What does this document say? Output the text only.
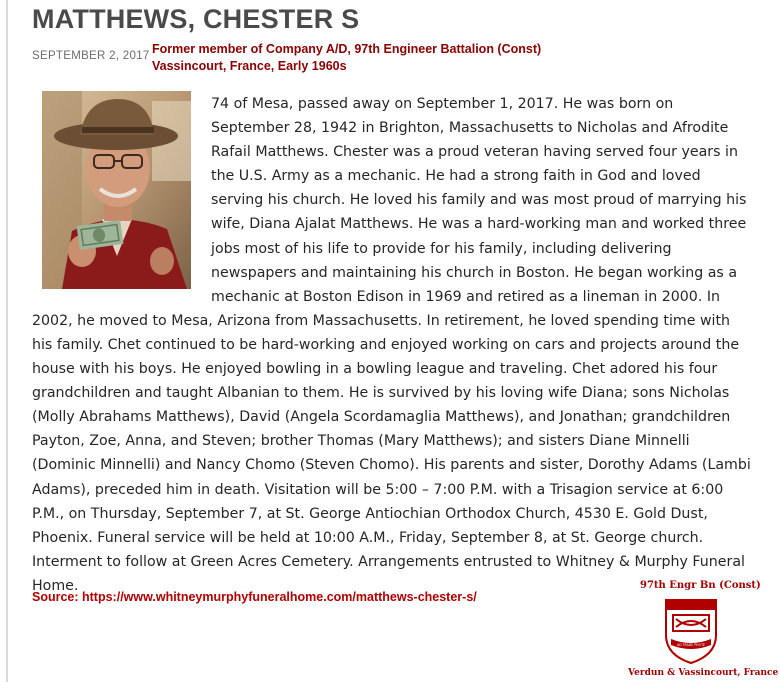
MATTHEWS, CHESTER S
SEPTEMBER 2, 2017 Former member of Company A/D, 97th Engineer Battalion (Const)
Vassincourt, France, Early 1960s

74 of Mesa, passed away on September 1, 2017. He was born on September 28, 1942 in Brighton, Massachusetts to Nicholas and Afrodite Rafail Matthews. Chester was a proud veteran having served four years in the U.S. Army as a mechanic. He had a strong faith in God and loved serving his church. He loved his family and was most proud of marrying his wife, Diana Ajalat Matthews. He was a hard-working man and worked three jobs most of his life to provide for his family, including delivering newspapers and maintaining his church in Boston. He began working as a mechanic at Boston Edison in 1969 and retired as a lineman in 2000. In 2002, he moved to Mesa, Arizona from Massachusetts. In retirement, he loved spending time with his family. Chet continued to be hard-working and enjoyed working on cars and projects around the house with his boys. He enjoyed bowling in a bowling league and traveling. Chet adored his four grandchildren and taught Albanian to them. He is survived by his loving wife Diana; sons Nicholas (Molly Abrahams Matthews), David (Angela Scordamaglia Matthews), and Jonathan; grandchildren Payton, Zoe, Anna, and Steven; brother Thomas (Mary Matthews); and sisters Diane Minnelli (Dominic Minnelli) and Nancy Chomo (Steven Chomo). His parents and sister, Dorothy Adams (Lambi Adams), preceded him in death. Visitation will be 5:00 – 7:00 P.M. with a Trisagion service at 6:00 P.M., on Thursday, September 7, at St. George Antiochian Orthodox Church, 4530 E. Gold Dust, Phoenix. Funeral service will be held at 10:00 A.M., Friday, September 8, at St. George church. Interment to follow at Green Acres Cemetery. Arrangements entrusted to Whitney & Murphy Funeral Home.

Source: https://www.whitneymurphyfuneralhome.com/matthews-chester-s/
97th Engr Bn (Const)
AD TRADE PHOTE
Verdun & Vassincourt, France
